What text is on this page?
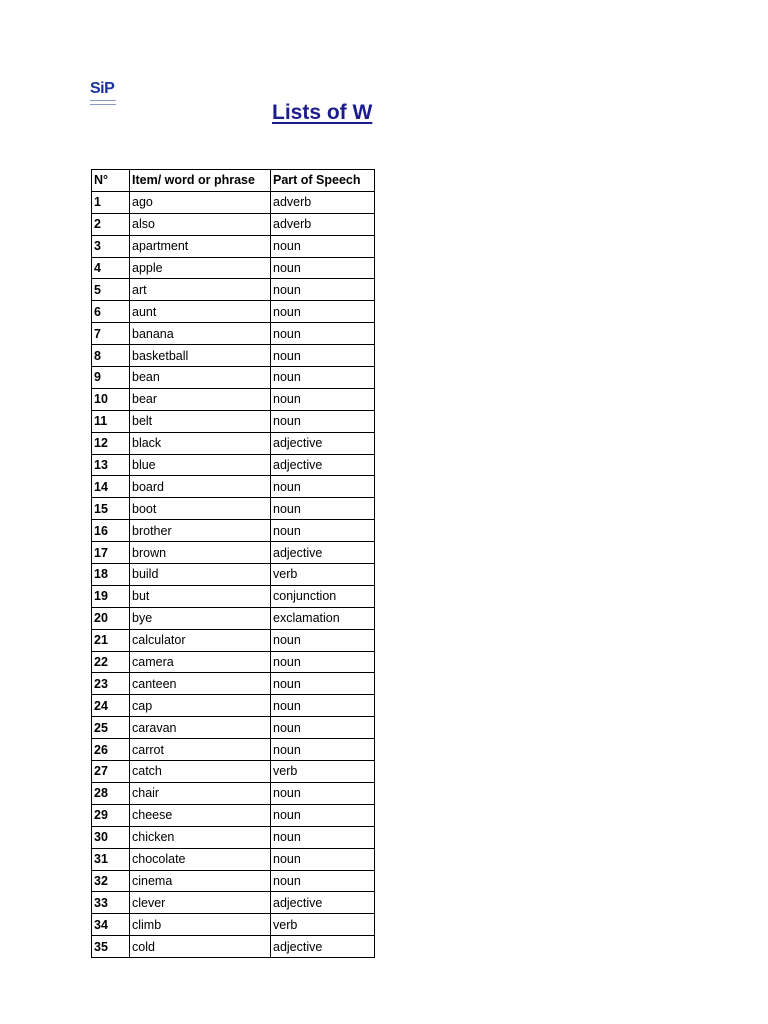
SiP
Lists of W
N°	Item/ word or phrase	Part of Speech
1	ago	adverb
2	also	adverb
3	apartment	noun
4	apple	noun
5	art	noun
6	aunt	noun
7	banana	noun
8	basketball	noun
9	bean	noun
10	bear	noun
11	belt	noun
12	black	adjective
13	blue	adjective
14	board	noun
15	boot	noun
16	brother	noun
17	brown	adjective
18	build	verb
19	but	conjunction
20	bye	exclamation
21	calculator	noun
22	camera	noun
23	canteen	noun
24	cap	noun
25	caravan	noun
26	carrot	noun
27	catch	verb
28	chair	noun
29	cheese	noun
30	chicken	noun
31	chocolate	noun
32	cinema	noun
33	clever	adjective
34	climb	verb
35	cold	adjective
